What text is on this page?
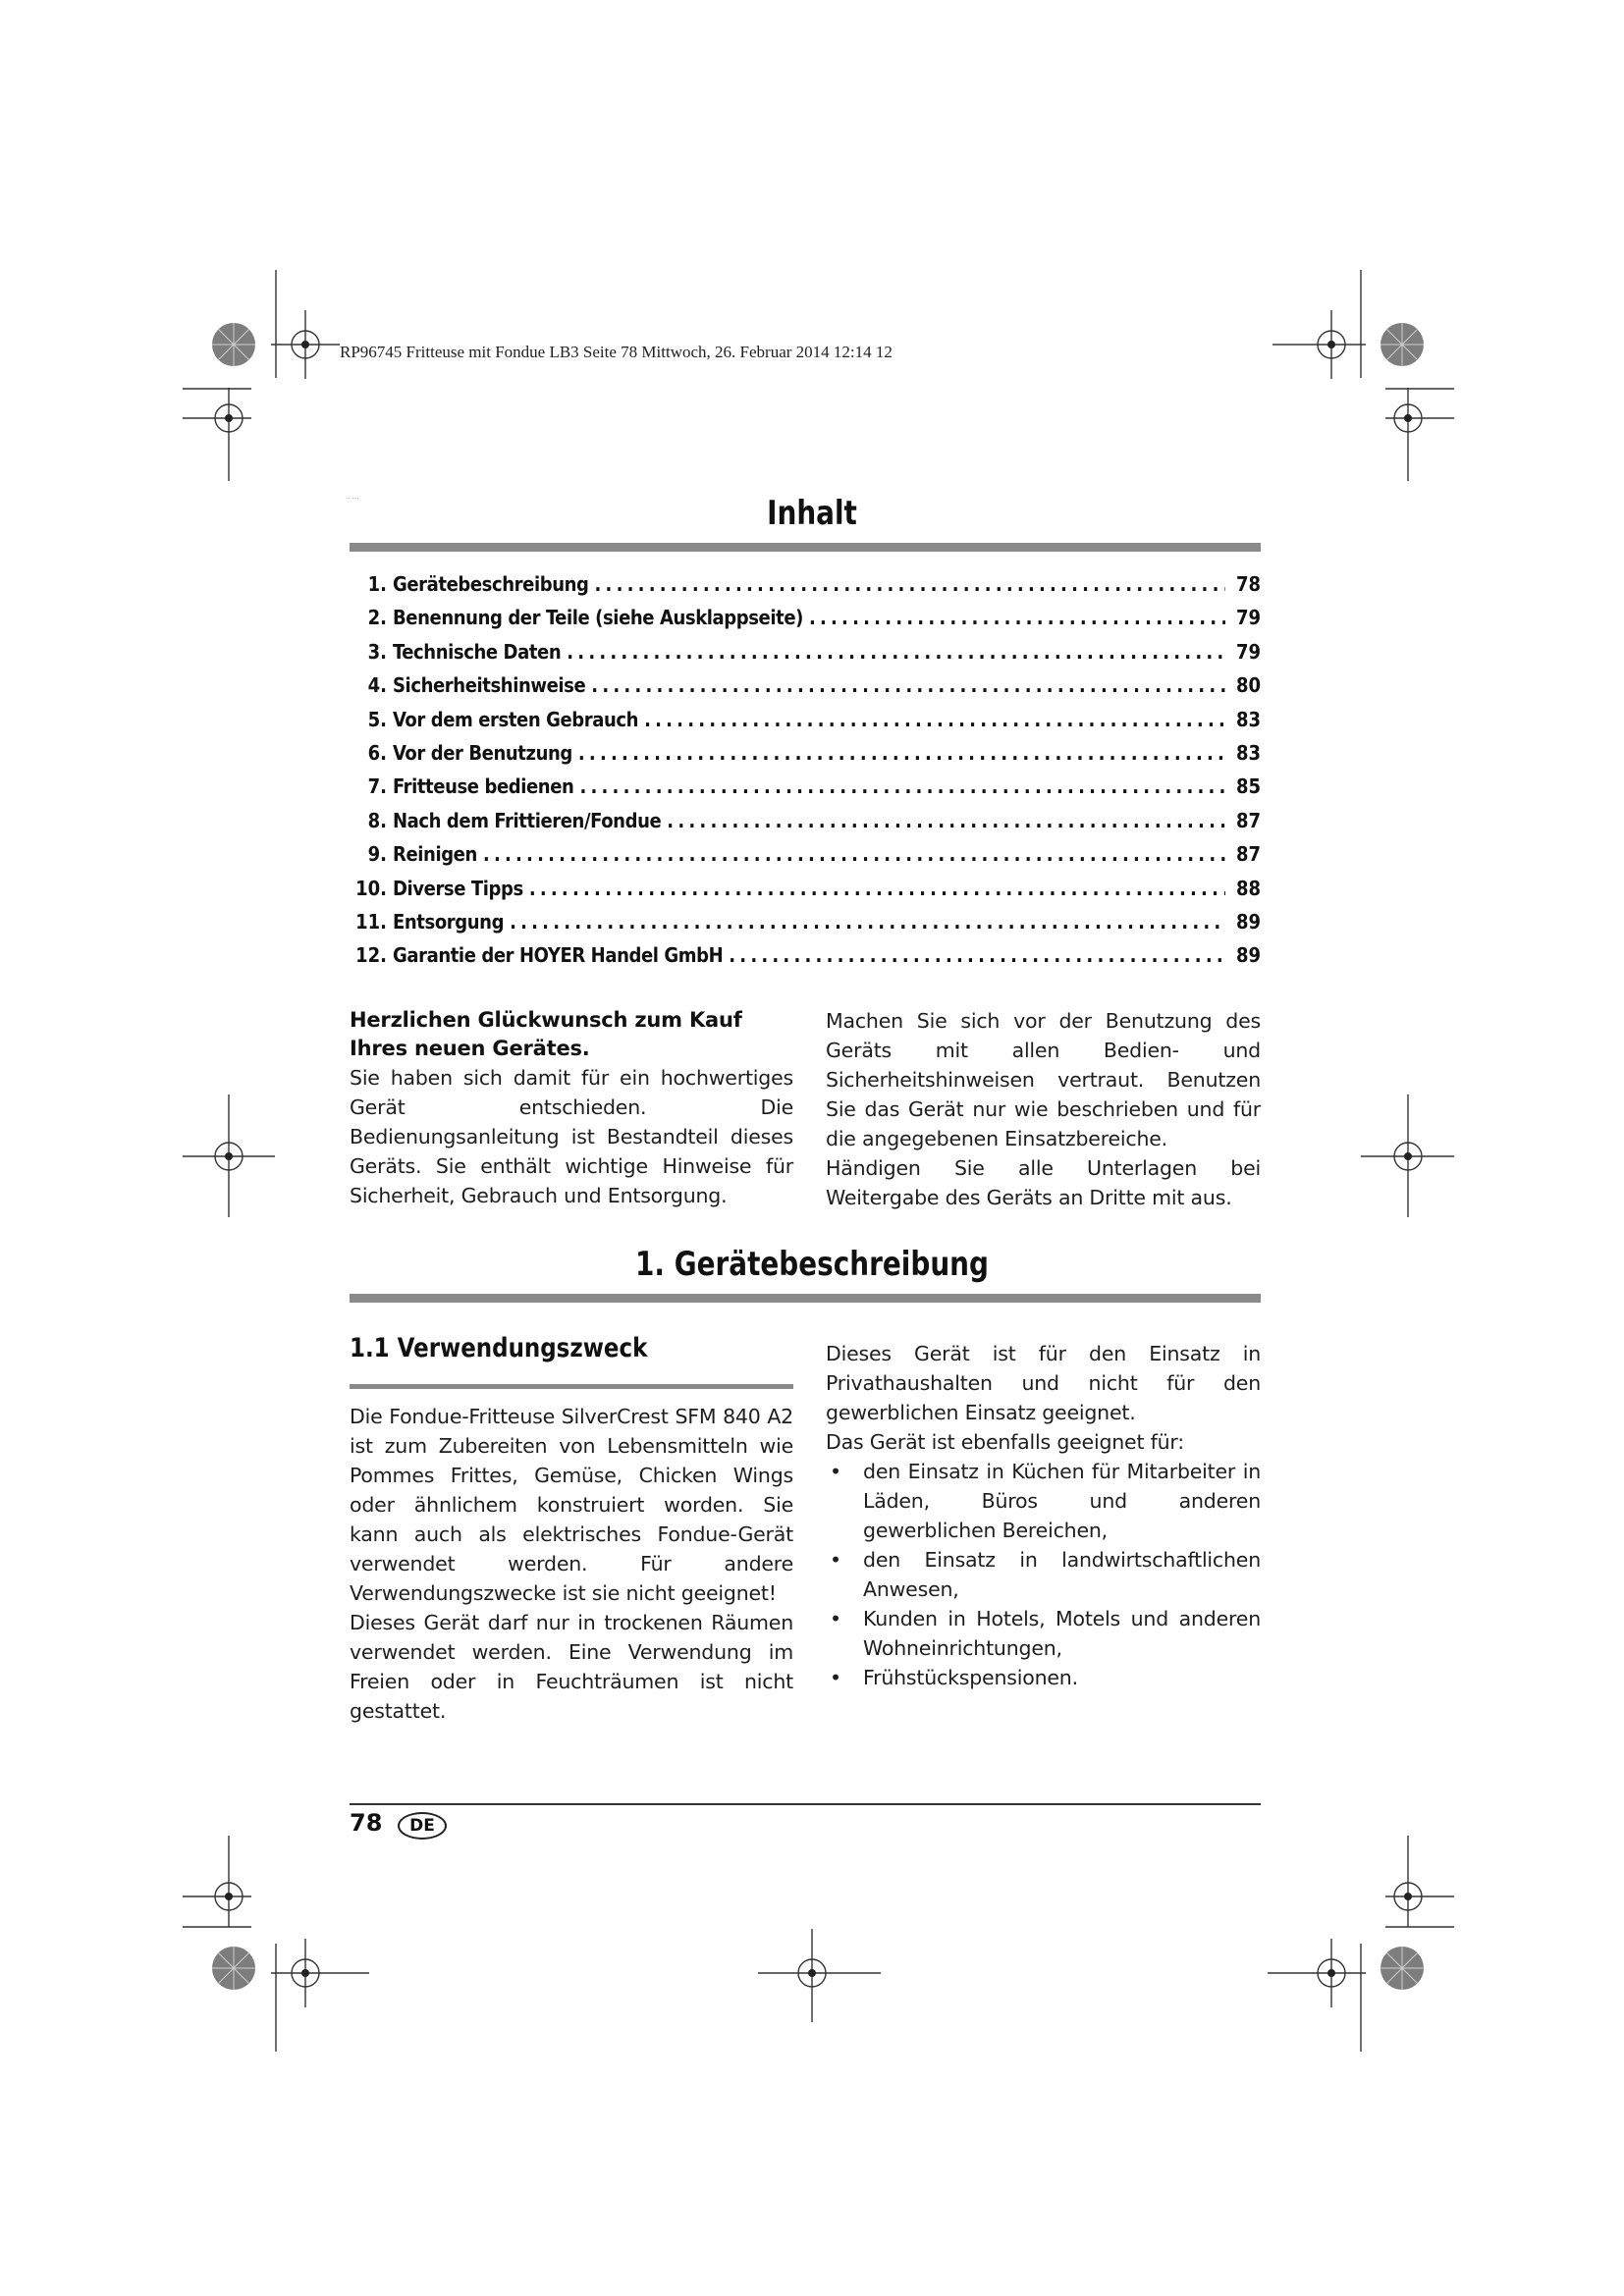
RP96745 Fritteuse mit Fondue LB3 Seite 78 Mittwoch, 26. Februar 2014 12:14 12
·· ···	Inhalt
1. Gerätebeschreibung .....	78
2. Benennung der Teile (siehe Ausklappseite) .....	79
3. Technische Daten .....	79
4. Sicherheitshinweise .....	80
5. Vor dem ersten Gebrauch .....	83
6. Vor der Benutzung .....	83
7. Fritteuse bedienen .....	85
8. Nach dem Frittieren/Fondue .....	87
9. Reinigen .....	87
10. Diverse Tipps .....	88
11. Entsorgung .....	89
12. Garantie der HOYER Handel GmbH .....	89

Herzlichen Glückwunsch zum Kauf Ihres neuen Gerätes.

Sie haben sich damit für ein hochwertiges Gerät entschieden. Die Bedienungsanleitung ist Bestandteil dieses Geräts. Sie enthält wichtige Hinweise für Sicherheit, Gebrauch und Entsorgung.

Machen Sie sich vor der Benutzung des Geräts mit allen Bedien- und Sicherheitshinweisen vertraut. Benutzen Sie das Gerät nur wie beschrieben und für die angegebenen Einsatzbereiche.

Händigen Sie alle Unterlagen bei Weitergabe des Geräts an Dritte mit aus.

1. Gerätebeschreibung
1.1 Verwendungszweck

Die Fondue-Fritteuse SilverCrest SFM 840 A2 ist zum Zubereiten von Lebensmitteln wie Pommes Frittes, Gemüse, Chicken Wings oder ähnlichem konstruiert worden. Sie kann auch als elektrisches Fondue-Gerät verwendet werden. Für andere Verwendungszwecke ist sie nicht geeignet!

Dieses Gerät darf nur in trockenen Räumen verwendet werden. Eine Verwendung im Freien oder in Feuchträumen ist nicht gestattet.

Dieses Gerät ist für den Einsatz in Privathaushalten und nicht für den gewerblichen Einsatz geeignet.

Das Gerät ist ebenfalls geeignet für:

• den Einsatz in Küchen für Mitarbeiter in Läden, Büros und anderen gewerblichen Bereichen,
• den Einsatz in landwirtschaftlichen Anwesen,
• Kunden in Hotels, Motels und anderen Wohneinrichtungen,
• Frühstückspensionen.
78	DE
